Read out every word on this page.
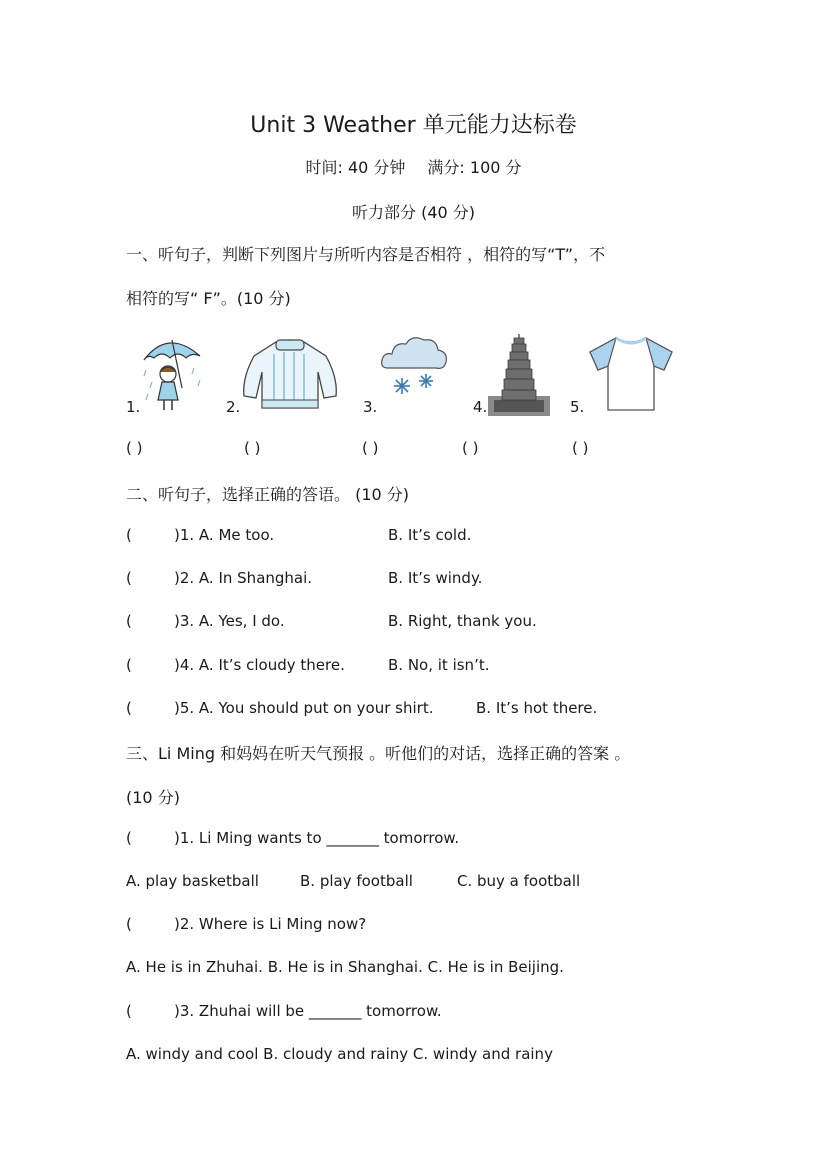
Unit 3 Weather 单元能力达标卷
时间: 40 分钟 满分: 100 分
听力部分 (40 分)
一、听句子，判断下列图片与所听内容是否相符 ，相符的写“T”，不
相符的写“ F”。(10 分)
1.	2.	3.	4.	5.
( )	( )	( )	( )	( )
二、听句子，选择正确的答语。 (10 分)
(	)1. A. Me too.	B. It’s cold.
(	)2. A. In Shanghai.	B. It’s windy.
(	)3. A. Yes, I do.	B. Right, thank you.
(	)4. A. It’s cloudy there.	B. No, it isn’t.
(	)5. A. You should put on your shirt.	B. It’s hot there.
三、Li Ming 和妈妈在听天气预报 。听他们的对话，选择正确的答案 。
(10 分)
(	)1. Li Ming wants to _______ tomorrow.
A. play basketball	B. play football	C. buy a football
(	)2. Where is Li Ming now?
A. He is in Zhuhai. B. He is in Shanghai. C. He is in Beijing.
(	)3. Zhuhai will be _______ tomorrow.
A. windy and cool B. cloudy and rainy C. windy and rainy
